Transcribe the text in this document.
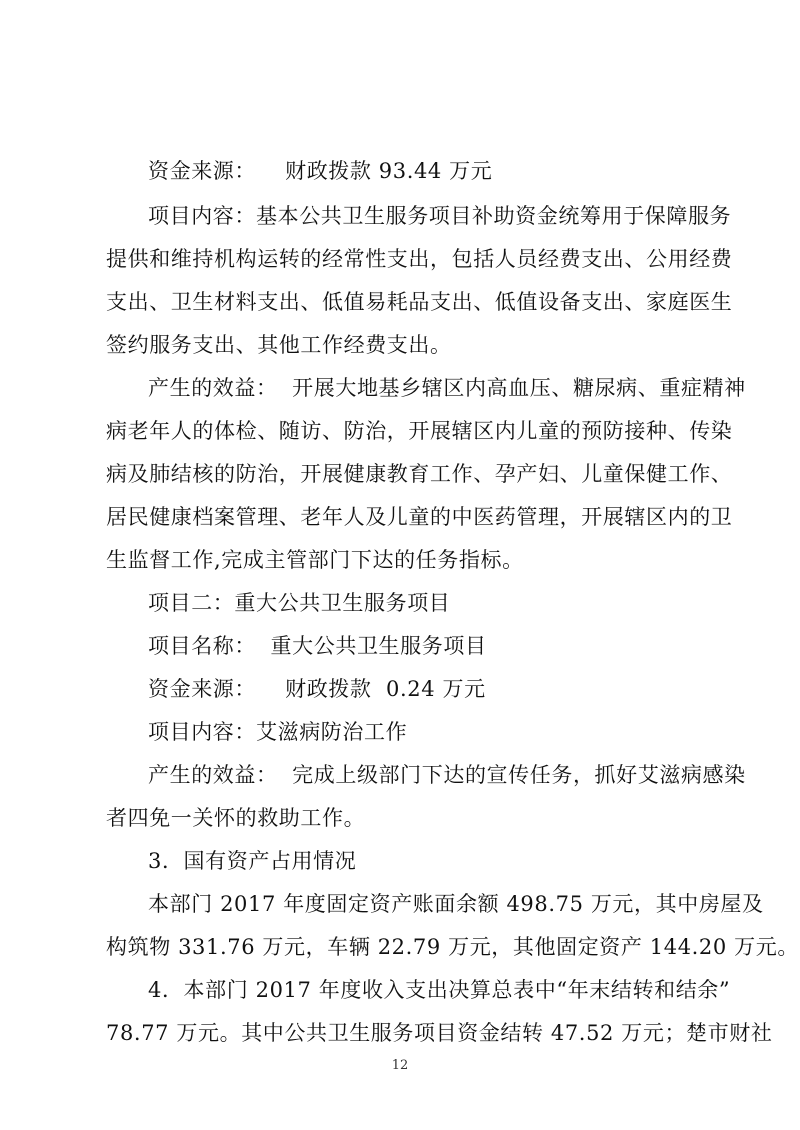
资金来源：    财政拨款 93.44 万元
项目内容：基本公共卫生服务项目补助资金统筹用于保障服务
提供和维持机构运转的经常性支出，包括人员经费支出、公用经费
支出、卫生材料支出、低值易耗品支出、低值设备支出、家庭医生
签约服务支出、其他工作经费支出。
产生的效益：  开展大地基乡辖区内高血压、糖尿病、重症精神
病老年人的体检、随访、防治，开展辖区内儿童的预防接种、传染
病及肺结核的防治，开展健康教育工作、孕产妇、儿童保健工作、
居民健康档案管理、老年人及儿童的中医药管理，开展辖区内的卫
生监督工作,完成主管部门下达的任务指标。
项目二：重大公共卫生服务项目
项目名称：  重大公共卫生服务项目
资金来源：    财政拨款  0.24 万元
项目内容：艾滋病防治工作
产生的效益：  完成上级部门下达的宣传任务，抓好艾滋病感染
者四免一关怀的救助工作。
3．国有资产占用情况
本部门 2017 年度固定资产账面余额 498.75 万元，其中房屋及
构筑物 331.76 万元，车辆 22.79 万元，其他固定资产 144.20 万元。
4．本部门 2017 年度收入支出决算总表中“年末结转和结余”
78.77 万元。其中公共卫生服务项目资金结转 47.52 万元；楚市财社
12
